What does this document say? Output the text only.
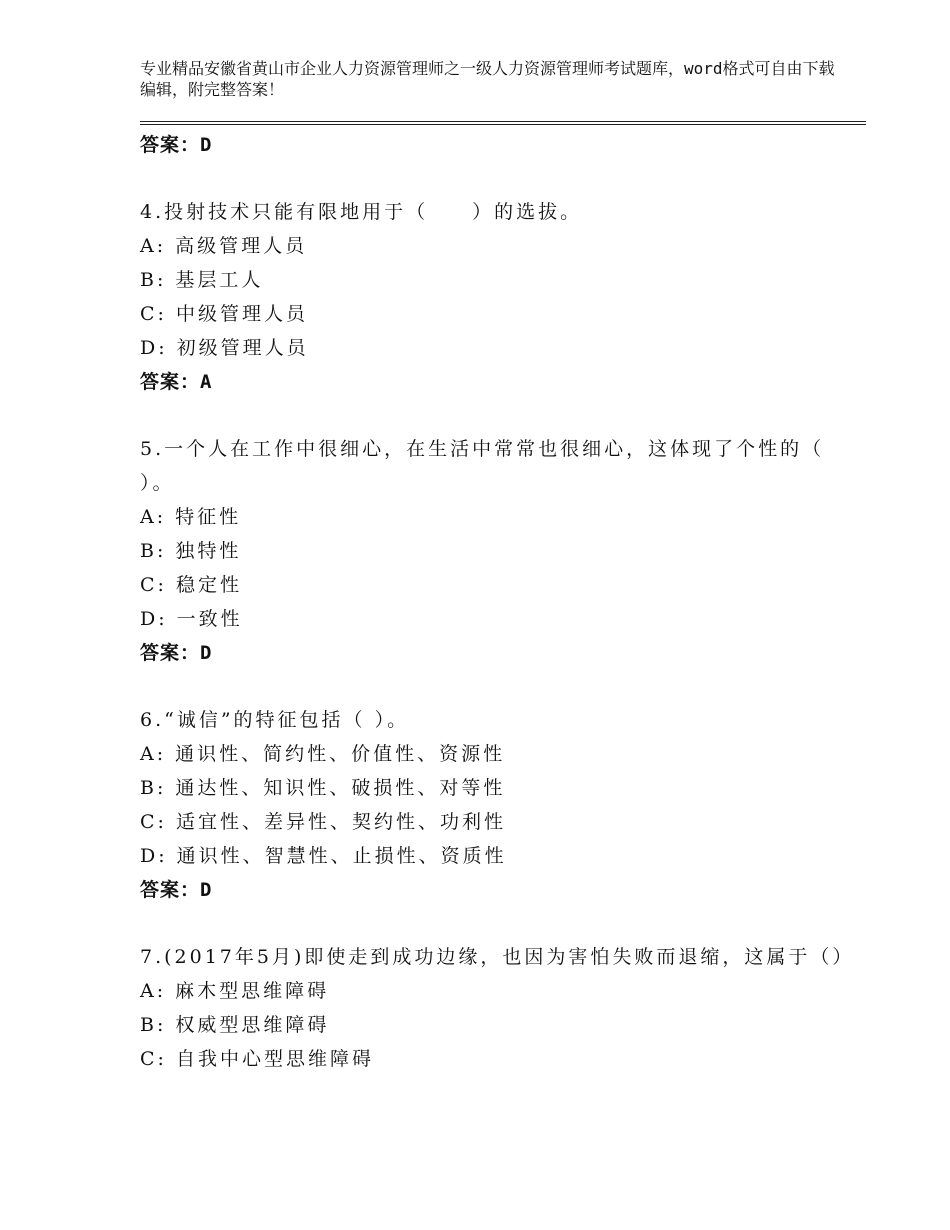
专业精品安徽省黄山市企业人力资源管理师之一级人力资源管理师考试题库，word格式可自由下载编辑，附完整答案！
答案：D
4.投射技术只能有限地用于（　　）的选拔。
A: 高级管理人员
B: 基层工人
C: 中级管理人员
D: 初级管理人员
答案：A
5.一个人在工作中很细心，在生活中常常也很细心，这体现了个性的（ ）。
A: 特征性
B: 独特性
C: 稳定性
D: 一致性
答案：D
6.“诚信”的特征包括（ ）。
A: 通识性、简约性、价值性、资源性
B: 通达性、知识性、破损性、对等性
C: 适宜性、差异性、契约性、功利性
D: 通识性、智慧性、止损性、资质性
答案：D
7.(2017年5月)即使走到成功边缘，也因为害怕失败而退缩，这属于（）
A: 麻木型思维障碍
B: 权威型思维障碍
C: 自我中心型思维障碍
